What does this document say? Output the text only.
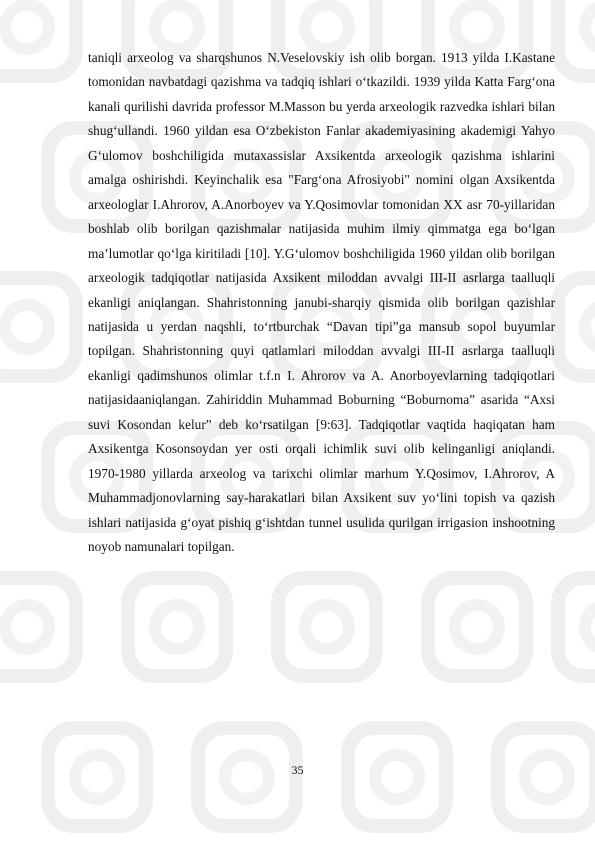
taniqli arxeolog va sharqshunos N.Veselovskiy ish olib borgan. 1913 yilda I.Kastane tomonidan navbatdagi qazishma va tadqiq ishlari o‘tkazildi. 1939 yilda Katta Farg‘ona kanali qurilishi davrida professor M.Masson bu yerda arxeologik razvedka ishlari bilan shug‘ullandi. 1960 yildan esa O‘zbekiston Fanlar akademiyasining akademigi Yahyo G‘ulomov boshchiligida mutaxassislar Axsikentda arxeologik qazishma ishlarini amalga oshirishdi. Keyinchalik esa "Farg‘ona Afrosiyobi" nomini olgan Axsikentda arxeologlar I.Ahrorov, A.Anorboyev va Y.Qosimovlar tomonidan XX asr 70-yillaridan boshlab olib borilgan qazishmalar natijasida muhim ilmiy qimmatga ega bo‘lgan ma’lumotlar qo‘lga kiritiladi [10]. Y.G‘ulomov boshchiligida 1960 yildan olib borilgan arxeologik tadqiqotlar natijasida Axsikent miloddan avvalgi III-II asrlarga taalluqli ekanligi aniqlangan. Shahristonning janubi-sharqiy qismida olib borilgan qazishlar natijasida u yerdan naqshli, to‘rtburchak “Davan tipi”ga mansub sopol buyumlar topilgan. Shahristonning quyi qatlamlari miloddan avvalgi III-II asrlarga taalluqli ekanligi qadimshunos olimlar t.f.n I. Ahrorov va A. Anorboyevlarning tadqiqotlari natijasidaaniqlangan. Zahiriddin Muhammad Boburning “Boburnoma” asarida “Axsi suvi Kosondan kelur” deb ko‘rsatilgan [9:63]. Tadqiqotlar vaqtida haqiqatan ham Axsikentga Kosonsoydan yer osti orqali ichimlik suvi olib kelinganligi aniqlandi. 1970-1980 yillarda arxeolog va tarixchi olimlar marhum Y.Qosimov, I.Ahrorov, A Muhammadjonovlarning say-harakatlari bilan Axsikent suv yo‘lini topish va qazish ishlari natijasida g‘oyat pishiq g‘ishtdan tunnel usulida qurilgan irrigasion inshootning noyob namunalari topilgan.

35
